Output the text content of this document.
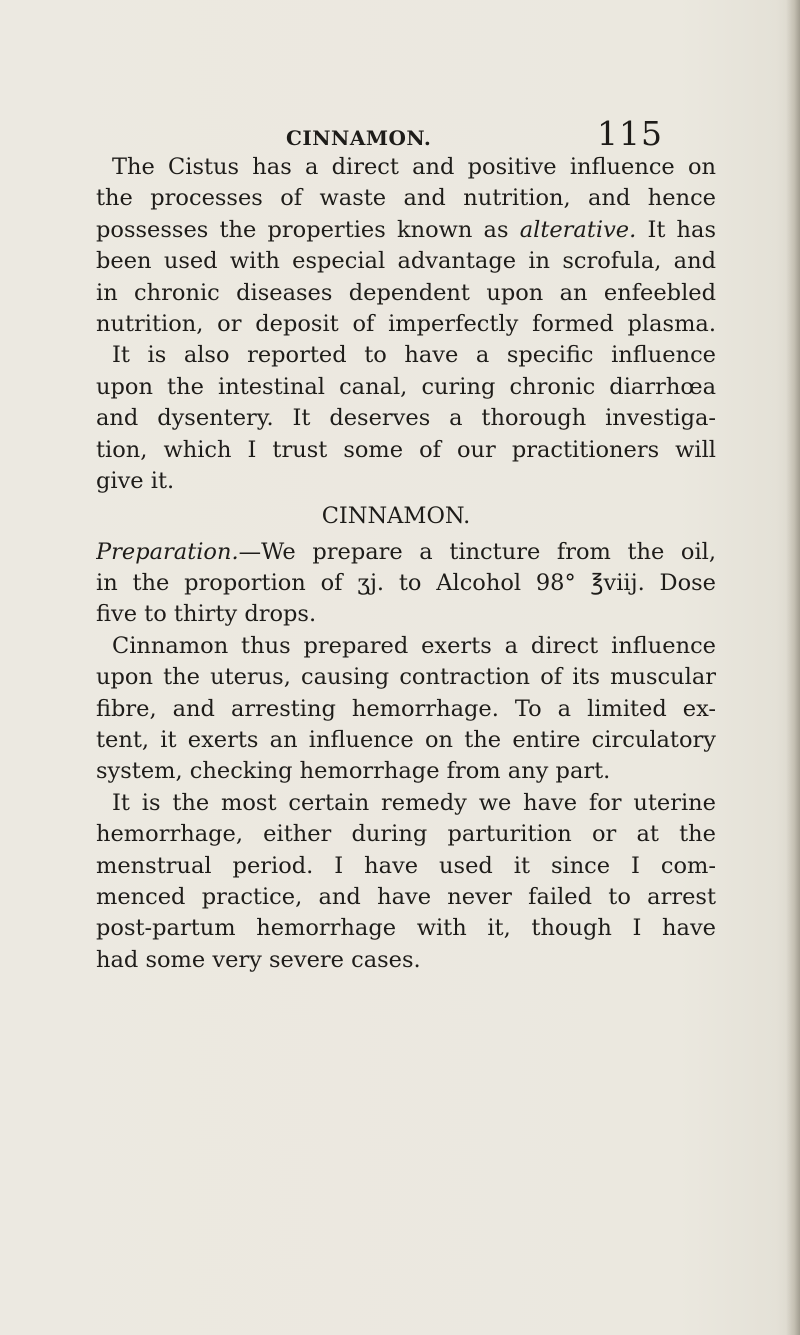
CINNAMON.	115
The Cistus has a direct and positive influence on
the processes of waste and nutrition, and hence
possesses the properties known as alterative. It has
been used with especial advantage in scrofula, and
in chronic diseases dependent upon an enfeebled
nutrition, or deposit of imperfectly formed plasma.
It is also reported to have a specific influence
upon the intestinal canal, curing chronic diarrhœa
and dysentery. It deserves a thorough investiga-
tion, which I trust some of our practitioners will
give it.
CINNAMON.
Preparation.—We prepare a tincture from the oil,
in the proportion of ʒj. to Alcohol 98° ℥viij. Dose
five to thirty drops.
Cinnamon thus prepared exerts a direct influence
upon the uterus, causing contraction of its muscular
fibre, and arresting hemorrhage. To a limited ex-
tent, it exerts an influence on the entire circulatory
system, checking hemorrhage from any part.
It is the most certain remedy we have for uterine
hemorrhage, either during parturition or at the
menstrual period. I have used it since I com-
menced practice, and have never failed to arrest
post-partum hemorrhage with it, though I have
had some very severe cases.
